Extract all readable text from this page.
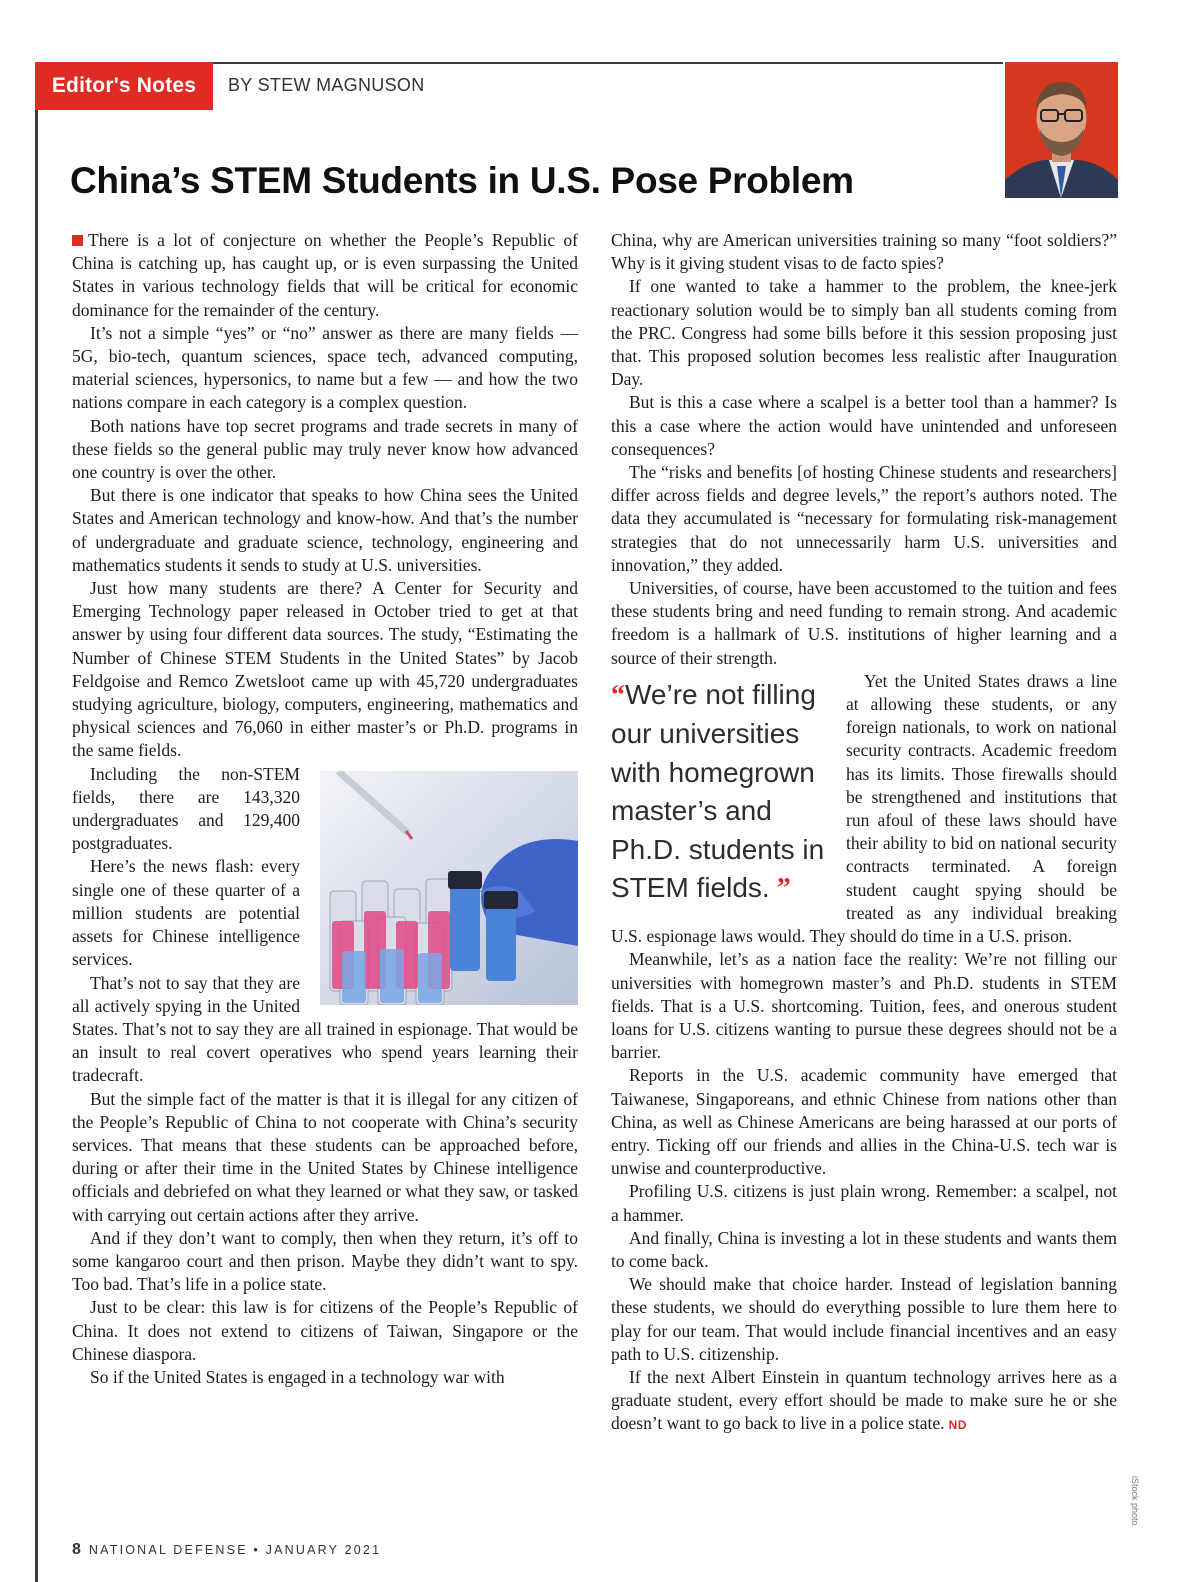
Editor's Notes	BY STEW MAGNUSON
China’s STEM Students in U.S. Pose Problem

There is a lot of conjecture on whether the People’s Republic of China is catching up, has caught up, or is even surpassing the United States in various technology fields that will be critical for economic dominance for the remainder of the century.

It’s not a simple “yes” or “no” answer as there are many fields — 5G, bio-tech, quantum sciences, space tech, advanced computing, material sciences, hypersonics, to name but a few — and how the two nations compare in each category is a complex question.

Both nations have top secret programs and trade secrets in many of these fields so the general public may truly never know how advanced one country is over the other.

But there is one indicator that speaks to how China sees the United States and American technology and know-how. And that’s the number of undergraduate and graduate science, technology, engineering and mathematics students it sends to study at U.S. universities.

Just how many students are there? A Center for Security and Emerging Technology paper released in October tried to get at that answer by using four different data sources. The study, “Estimating the Number of Chinese STEM Students in the United States” by Jacob Feldgoise and Remco Zwetsloot came up with 45,720 undergraduates studying agriculture, biology, computers, engineering, mathematics and physical sciences and 76,060 in either master’s or Ph.D. programs in the same fields.

Including the non-STEM fields, there are 143,320 undergraduates and 129,400 postgraduates.

Here’s the news flash: every single one of these quarter of a million students are potential assets for Chinese intelligence services.

That’s not to say that they are all actively spying in the United States. That’s not to say they are all trained in espionage. That would be an insult to real covert operatives who spend years learning their tradecraft.

But the simple fact of the matter is that it is illegal for any citizen of the People’s Republic of China to not cooperate with China’s security services. That means that these students can be approached before, during or after their time in the United States by Chinese intelligence officials and debriefed on what they learned or what they saw, or tasked with carrying out certain actions after they arrive.

And if they don’t want to comply, then when they return, it’s off to some kangaroo court and then prison. Maybe they didn’t want to spy. Too bad. That’s life in a police state.

Just to be clear: this law is for citizens of the People’s Republic of China. It does not extend to citizens of Taiwan, Singapore or the Chinese diaspora.

So if the United States is engaged in a technology war with

China, why are American universities training so many “foot soldiers?” Why is it giving student visas to de facto spies?

If one wanted to take a hammer to the problem, the knee-jerk reactionary solution would be to simply ban all students coming from the PRC. Congress had some bills before it this session proposing just that. This proposed solution becomes less realistic after Inauguration Day.

But is this a case where a scalpel is a better tool than a hammer? Is this a case where the action would have unintended and unforeseen consequences?

The “risks and benefits [of hosting Chinese students and researchers] differ across fields and degree levels,” the report’s authors noted. The data they accumulated is “necessary for formulating risk-management strategies that do not unnecessarily harm U.S. universities and innovation,” they added.

Universities, of course, have been accustomed to the tuition and fees these students bring and need funding to remain strong. And academic freedom is a hallmark of U.S. institutions of higher learning and a source of their strength.

“We’re not filling our universities with homegrown master’s and Ph.D. students in STEM fields. ”

Yet the United States draws a line at allowing these students, or any foreign nationals, to work on national security contracts. Academic freedom has its limits. Those firewalls should be strengthened and institutions that run afoul of these laws should have their ability to bid on national security contracts terminated. A foreign student caught spying should be treated as any individual breaking U.S. espionage laws would. They should do time in a U.S. prison.

Meanwhile, let’s as a nation face the reality: We’re not filling our universities with homegrown master’s and Ph.D. students in STEM fields. That is a U.S. shortcoming. Tuition, fees, and onerous student loans for U.S. citizens wanting to pursue these degrees should not be a barrier.

Reports in the U.S. academic community have emerged that Taiwanese, Singaporeans, and ethnic Chinese from nations other than China, as well as Chinese Americans are being harassed at our ports of entry. Ticking off our friends and allies in the China-U.S. tech war is unwise and counterproductive.

Profiling U.S. citizens is just plain wrong. Remember: a scalpel, not a hammer.

And finally, China is investing a lot in these students and wants them to come back.

We should make that choice harder. Instead of legislation banning these students, we should do everything possible to lure them here to play for our team. That would include financial incentives and an easy path to U.S. citizenship.

If the next Albert Einstein in quantum technology arrives here as a graduate student, every effort should be made to make sure he or she doesn’t want to go back to live in a police state. ND

iStock photo
8 NATIONAL DEFENSE • JANUARY 2021
